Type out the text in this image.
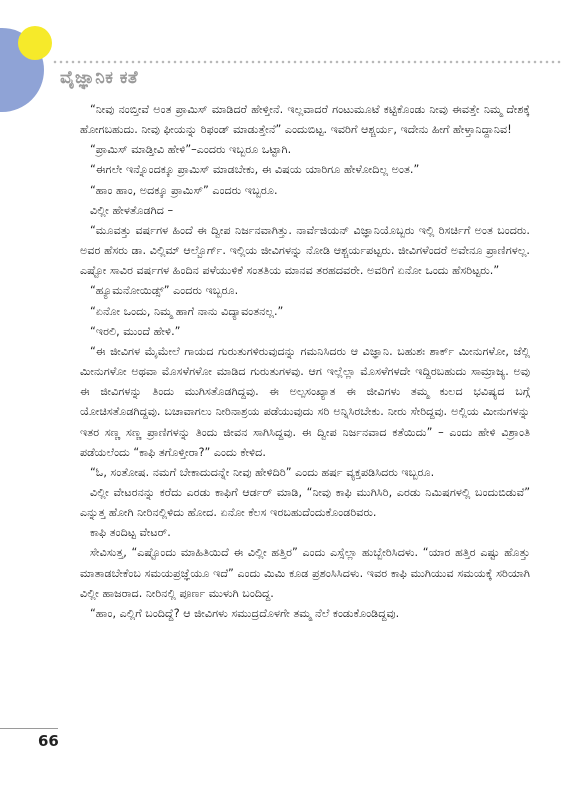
ವೈಜ್ಞಾನಿಕ ಕತೆ

“ನೀವು ನಂಬ್ತೀವೆ ಅಂತ ಪ್ರಾಮಿಸ್ ಮಾಡಿದರೆ ಹೇಳ್ತೀನೆ. ಇಲ್ಲವಾದರೆ ಗಂಟುಮೂಟೆ ಕಟ್ಟಿಕೊಂಡು ನೀವು ಈವತ್ತೇ ನಿಮ್ಮ ದೇಶಕ್ಕೆ ಹೋಗಬಹುದು. ನೀವು ಫೀಯನ್ನು ರಿಫಂಡ್ ಮಾಡುತ್ತೇನೆ” ಎಂದುಬಿಟ್ಟ. ಇವರಿಗೆ ಆಶ್ಚರ್ಯ, ಇದೇನು ಹೀಗೆ ಹೇಳ್ತಾನಿದ್ದಾನಿವ!

“ಪ್ರಾಮಿಸ್ ಮಾಡ್ತೀವಿ ಹೇಳಿ”–ಎಂದರು ಇಬ್ಬರೂ ಒಟ್ಟಾಗಿ.

“ಈಗಲೇ ಇನ್ನೊಂದಕ್ಕೂ ಪ್ರಾಮಿಸ್ ಮಾಡಬೇಕು, ಈ ವಿಷಯ ಯಾರಿಗೂ ಹೇಳೋದಿಲ್ಲ ಅಂತ.”

“ಹಾಂ ಹಾಂ, ಅದಕ್ಕೂ ಪ್ರಾಮಿಸ್” ಎಂದರು ಇಬ್ಬರೂ.

ವಿಲ್ಲೀ ಹೇಳತೊಡಗಿದ –

“ಮೂವತ್ತು ವರ್ಷಗಳ ಹಿಂದೆ ಈ ದ್ವೀಪ ನಿರ್ಜನವಾಗಿತ್ತು. ನಾರ್ವೆಜಿಯನ್ ವಿಜ್ಞಾನಿಯೊಬ್ಬರು ಇಲ್ಲಿ ರಿಸರ್ಚಿಗೆ ಅಂತ ಬಂದರು. ಅವರ ಹೆಸರು ಡಾ. ವಿಲ್ಲಿಮ್ ಆಲ್ಬೊರ್ಗ್. ಇಲ್ಲಿಯ ಜೀವಿಗಳನ್ನು ನೋಡಿ ಆಶ್ಚರ್ಯಪಟ್ಟರು. ಜೀವಿಗಳೆಂದರೆ ಅವೇನೂ ಪ್ರಾಣಿಗಳಲ್ಲ. ಎಷ್ಟೋ ಸಾವಿರ ವರ್ಷಗಳ ಹಿಂದಿನ ಪಳೆಯುಳಿಕೆ ಸಂತತಿಯ ಮಾನವ ತರಹದವರೇ. ಅವರಿಗೆ ಏನೋ ಒಂದು ಹೆಸರಿಟ್ಟರು.”

“ಹ್ಯೂಮನೋಯಿಡ್ಸ್” ಎಂದರು ಇಬ್ಬರೂ.

“ಏನೋ ಒಂದು, ನಿಮ್ಮ ಹಾಗೆ ನಾನು ವಿದ್ಯಾವಂತನಲ್ಲ.”

“ಇರಲಿ, ಮುಂದೆ ಹೇಳಿ.”

“ಈ ಜೀವಿಗಳ ಮೈಮೇಲೆ ಗಾಯದ ಗುರುತುಗಳಿರುವುದನ್ನು ಗಮನಿಸಿದರು ಆ ವಿಜ್ಞಾನಿ. ಬಹುಶಃ ಶಾರ್ಕ್ ಮೀನುಗಳೋ, ಜೆಲ್ಲಿ ಮೀನುಗಳೋ ಅಥವಾ ಮೊಸಳೆಗಳೋ ಮಾಡಿದ ಗುರುತುಗಳವು. ಆಗ ಇಲ್ಲೆಲ್ಲಾ ಮೊಸಳೆಗಳದೇ ಇದ್ದಿರಬಹುದು ಸಾಮ್ರಾಜ್ಯ. ಅವು ಈ ಜೀವಿಗಳನ್ನು ತಿಂದು ಮುಗಿಸತೊಡಗಿದ್ದವು. ಈ ಅಲ್ಪಸಂಖ್ಯಾತ ಈ ಜೀವಿಗಳು ತಮ್ಮ ಕುಲದ ಭವಿಷ್ಯದ ಬಗ್ಗೆ ಯೋಚಿಸತೊಡಗಿದ್ದವು. ಬಚಾವಾಗಲು ನೀರಿನಾಶ್ರಯ ಪಡೆಯುವುದು ಸರಿ ಅನ್ನಿಸಿರಬೇಕು. ನೀರು ಸೇರಿದ್ದವು. ಅಲ್ಲಿಯ ಮೀನುಗಳನ್ನು ಇತರ ಸಣ್ಣ ಸಣ್ಣ ಪ್ರಾಣಿಗಳನ್ನು ತಿಂದು ಜೀವನ ಸಾಗಿಸಿದ್ದವು. ಈ ದ್ವೀಪ ನಿರ್ಜನವಾದ ಕತೆಯಿದು” – ಎಂದು ಹೇಳಿ ವಿಶ್ರಾಂತಿ ಪಡೆಯಲೆಂದು “ಕಾಫಿ ತಗೊಳ್ತೀರಾ?” ಎಂದು ಕೇಳಿದ.

“ಓ, ಸಂತೋಷ. ನಮಗೆ ಬೇಕಾದುದನ್ನೇ ನೀವು ಹೇಳಿದಿರಿ” ಎಂದು ಹರ್ಷ ವ್ಯಕ್ತಪಡಿಸಿದರು ಇಬ್ಬರೂ.

ವಿಲ್ಲೀ ವೇಟರನನ್ನು ಕರೆದು ಎರಡು ಕಾಫಿಗೆ ಆರ್ಡರ್ ಮಾಡಿ, “ನೀವು ಕಾಫಿ ಮುಗಿಸಿರಿ, ಎರಡು ನಿಮಿಷಗಳಲ್ಲಿ ಬಂದುಬಿಡುವೆ” ಎನ್ನುತ್ತ ಹೋಗಿ ನೀರಿನಲ್ಲಿಳಿದು ಹೋದ. ಏನೋ ಕೆಲಸ ಇರಬಹುದೆಂದುಕೊಂಡರಿವರು.

ಕಾಫಿ ತಂದಿಟ್ಟ ವೇಟರ್.

ಸೇವಿಸುತ್ತ, “ಎಷ್ಟೊಂದು ಮಾಹಿತಿಯಿದೆ ಈ ವಿಲ್ಲೀ ಹತ್ತಿರ” ಎಂದು ಎಸ್ಸೆಲ್ಲಾ ಹುಬ್ಬೇರಿಸಿದಳು. “ಯಾರ ಹತ್ತಿರ ಎಷ್ಟು ಹೊತ್ತು ಮಾತಾಡಬೇಕೆಂಬ ಸಮಯಪ್ರಜ್ಞೆಯೂ ಇದೆ” ಎಂದು ಮಿಮಿ ಕೂಡ ಪ್ರಶಂಸಿಸಿದಳು. ಇವರ ಕಾಫಿ ಮುಗಿಯುವ ಸಮಯಕ್ಕೆ ಸರಿಯಾಗಿ ವಿಲ್ಲೀ ಹಾಜರಾದ. ನೀರಿನಲ್ಲಿ ಪೂರ್ಣ ಮುಳುಗಿ ಬಂದಿದ್ದ.

“ಹಾಂ, ಎಲ್ಲಿಗೆ ಬಂದಿದ್ದೆ? ಆ ಜೀವಿಗಳು ಸಮುದ್ರದೊಳಗೇ ತಮ್ಮ ನೆಲೆ ಕಂಡುಕೊಂಡಿದ್ದವು.

66
